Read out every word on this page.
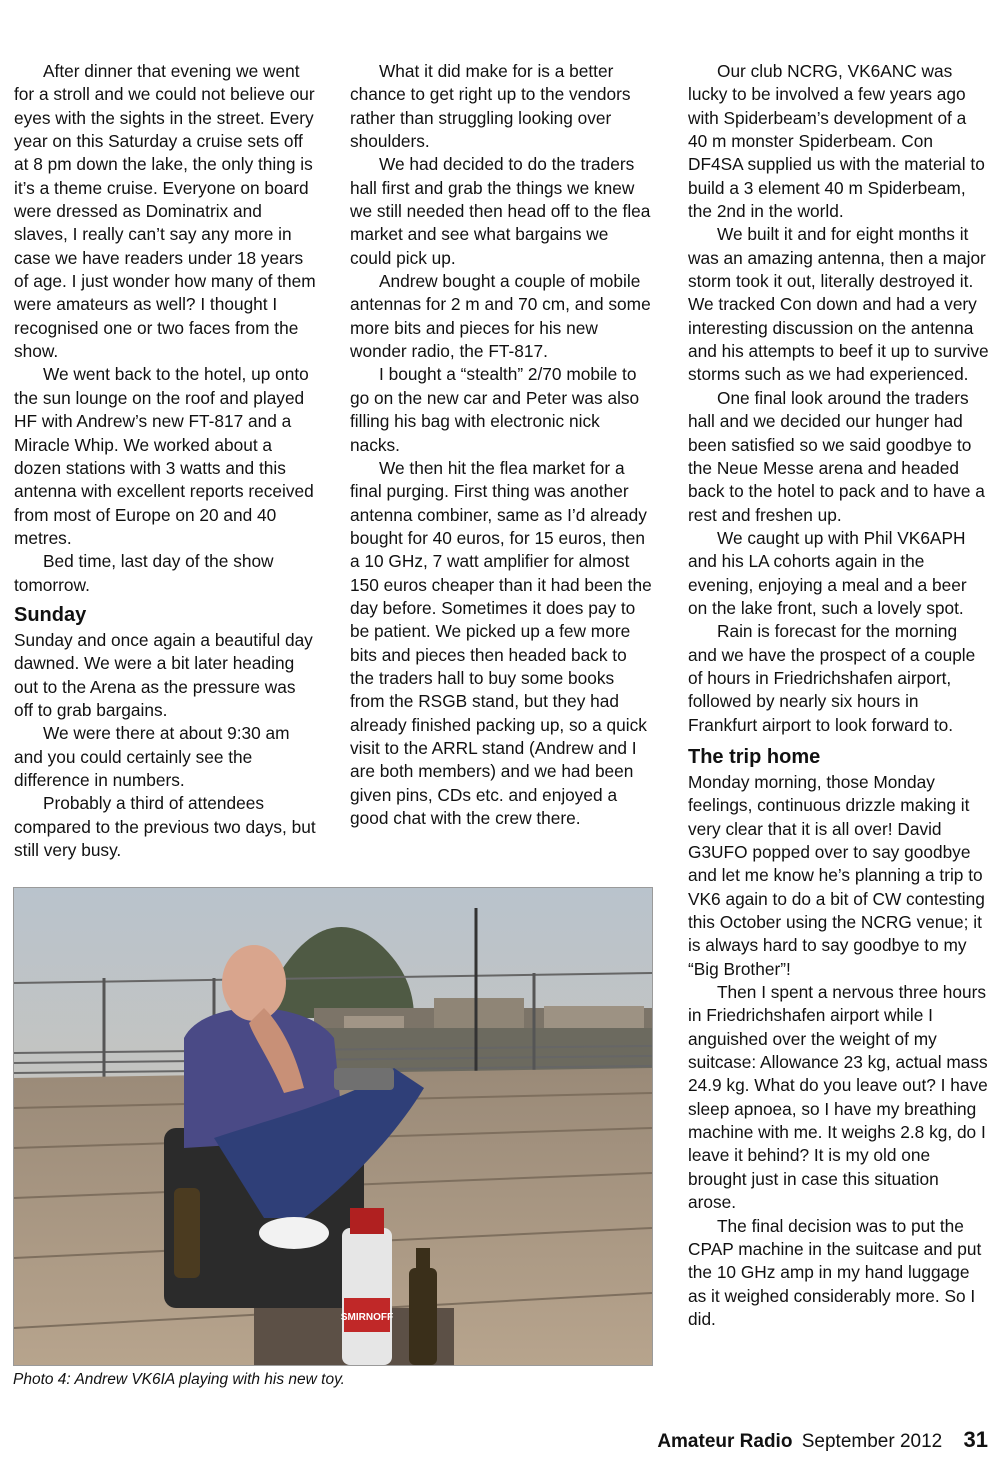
After dinner that evening we went for a stroll and we could not believe our eyes with the sights in the street. Every year on this Saturday a cruise sets off at 8 pm down the lake, the only thing is it’s a theme cruise. Everyone on board were dressed as Dominatrix and slaves, I really can’t say any more in case we have readers under 18 years of age. I just wonder how many of them were amateurs as well? I thought I recognised one or two faces from the show.

We went back to the hotel, up onto the sun lounge on the roof and played HF with Andrew’s new FT-817 and a Miracle Whip. We worked about a dozen stations with 3 watts and this antenna with excellent reports received from most of Europe on 20 and 40 metres.

Bed time, last day of the show tomorrow.

Sunday

Sunday and once again a beautiful day dawned. We were a bit later heading out to the Arena as the pressure was off to grab bargains.

We were there at about 9:30 am and you could certainly see the difference in numbers.

Probably a third of attendees compared to the previous two days, but still very busy.

What it did make for is a better chance to get right up to the vendors rather than struggling looking over shoulders.

We had decided to do the traders hall first and grab the things we knew we still needed then head off to the flea market and see what bargains we could pick up.

Andrew bought a couple of mobile antennas for 2 m and 70 cm, and some more bits and pieces for his new wonder radio, the FT-817.

I bought a “stealth” 2/70 mobile to go on the new car and Peter was also filling his bag with electronic nick nacks.

We then hit the flea market for a final purging. First thing was another antenna combiner, same as I’d already bought for 40 euros, for 15 euros, then a 10 GHz, 7 watt amplifier for almost 150 euros cheaper than it had been the day before. Sometimes it does pay to be patient. We picked up a few more bits and pieces then headed back to the traders hall to buy some books from the RSGB stand, but they had already finished packing up, so a quick visit to the ARRL stand (Andrew and I are both members) and we had been given pins, CDs etc. and enjoyed a good chat with the crew there.

Our club NCRG, VK6ANC was lucky to be involved a few years ago with Spiderbeam’s development of a 40 m monster Spiderbeam. Con DF4SA supplied us with the material to build a 3 element 40 m Spiderbeam, the 2nd in the world.

We built it and for eight months it was an amazing antenna, then a major storm took it out, literally destroyed it. We tracked Con down and had a very interesting discussion on the antenna and his attempts to beef it up to survive storms such as we had experienced.

One final look around the traders hall and we decided our hunger had been satisfied so we said goodbye to the Neue Messe arena and headed back to the hotel to pack and to have a rest and freshen up.

We caught up with Phil VK6APH and his LA cohorts again in the evening, enjoying a meal and a beer on the lake front, such a lovely spot.

Rain is forecast for the morning and we have the prospect of a couple of hours in Friedrichshafen airport, followed by nearly six hours in Frankfurt airport to look forward to.

The trip home

Monday morning, those Monday feelings, continuous drizzle making it very clear that it is all over! David G3UFO popped over to say goodbye and let me know he’s planning a trip to VK6 again to do a bit of CW contesting this October using the NCRG venue; it is always hard to say goodbye to my “Big Brother”!

Then I spent a nervous three hours in Friedrichshafen airport while I anguished over the weight of my suitcase: Allowance 23 kg, actual mass 24.9 kg. What do you leave out? I have sleep apnoea, so I have my breathing machine with me. It weighs 2.8 kg, do I leave it behind? It is my old one brought just in case this situation arose.

The final decision was to put the CPAP machine in the suitcase and put the 10 GHz amp in my hand luggage as it weighed considerably more. So I did.

SMIRNOFF
Photo 4: Andrew VK6IA playing with his new toy.
Amateur Radio September 2012 31
